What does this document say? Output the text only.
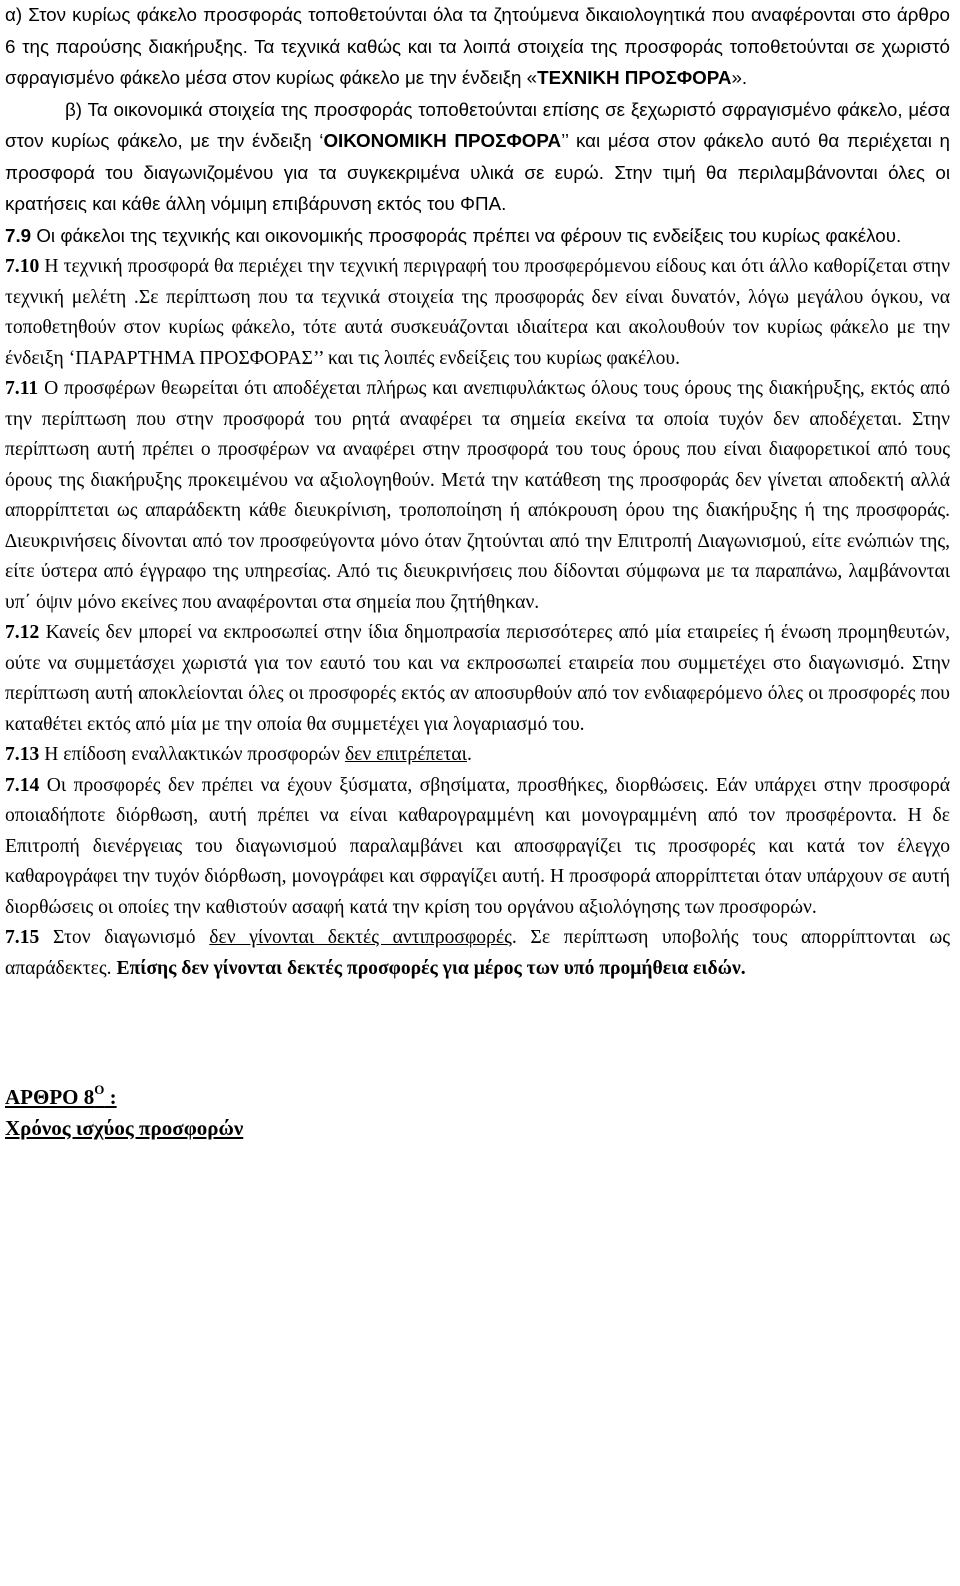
α) Στον κυρίως φάκελο προσφοράς τοποθετούνται όλα τα ζητούμενα δικαιολογητικά που αναφέρονται στο άρθρο 6 της παρούσης διακήρυξης. Τα τεχνικά καθώς και τα λοιπά στοιχεία της προσφοράς τοποθετούνται σε χωριστό σφραγισμένο φάκελο μέσα στον κυρίως φάκελο με την ένδειξη «ΤΕΧΝΙΚΗ ΠΡΟΣΦΟΡΑ».

β) Τα οικονομικά στοιχεία της προσφοράς τοποθετούνται επίσης σε ξεχωριστό σφραγισμένο φάκελο, μέσα στον κυρίως φάκελο, με την ένδειξη ‘ΟΙΚΟΝΟΜΙΚΗ ΠΡΟΣΦΟΡΑ’’ και μέσα στον φάκελο αυτό θα περιέχεται η προσφορά του διαγωνιζομένου για τα συγκεκριμένα υλικά σε ευρώ. Στην τιμή θα περιλαμβάνονται όλες οι κρατήσεις και κάθε άλλη νόμιμη επιβάρυνση εκτός του ΦΠΑ.

7.9 Οι φάκελοι της τεχνικής και οικονομικής προσφοράς πρέπει να φέρουν τις ενδείξεις του κυρίως φακέλου.

7.10 Η τεχνική προσφορά θα περιέχει την τεχνική περιγραφή του προσφερόμενου είδους και ότι άλλο καθορίζεται στην τεχνική μελέτη .Σε περίπτωση που τα τεχνικά στοιχεία της προσφοράς δεν είναι δυνατόν, λόγω μεγάλου όγκου, να τοποθετηθούν στον κυρίως φάκελο, τότε αυτά συσκευάζονται ιδιαίτερα και ακολουθούν τον κυρίως φάκελο με την ένδειξη ‘ΠΑΡΑΡΤΗΜΑ ΠΡΟΣΦΟΡΑΣ’’ και τις λοιπές ενδείξεις του κυρίως φακέλου.

7.11 Ο προσφέρων θεωρείται ότι αποδέχεται πλήρως και ανεπιφυλάκτως όλους τους όρους της διακήρυξης, εκτός από την περίπτωση που στην προσφορά του ρητά αναφέρει τα σημεία εκείνα τα οποία τυχόν δεν αποδέχεται. Στην περίπτωση αυτή πρέπει ο προσφέρων να αναφέρει στην προσφορά του τους όρους που είναι διαφορετικοί από τους όρους της διακήρυξης προκειμένου να αξιολογηθούν. Μετά την κατάθεση της προσφοράς δεν γίνεται αποδεκτή αλλά απορρίπτεται ως απαράδεκτη κάθε διευκρίνιση, τροποποίηση ή απόκρουση όρου της διακήρυξης ή της προσφοράς. ∆ιευκρινήσεις δίνονται από τον προσφεύγοντα μόνο όταν ζητούνται από την Επιτροπή ∆ιαγωνισμού, είτε ενώπιών της, είτε ύστερα από έγγραφο της υπηρεσίας. Από τις διευκρινήσεις που δίδονται σύμφωνα με τα παραπάνω, λαμβάνονται υπ΄ όψιν μόνο εκείνες που αναφέρονται στα σημεία που ζητήθηκαν.

7.12 Κανείς δεν μπορεί να εκπροσωπεί στην ίδια δημοπρασία περισσότερες από μία εταιρείες ή ένωση προμηθευτών, ούτε να συμμετάσχει χωριστά για τον εαυτό του και να εκπροσωπεί εταιρεία που συμμετέχει στο διαγωνισμό. Στην περίπτωση αυτή αποκλείονται όλες οι προσφορές εκτός αν αποσυρθούν από τον ενδιαφερόμενο όλες οι προσφορές που καταθέτει εκτός από μία με την οποία θα συμμετέχει για λογαριασμό του.

7.13 Η επίδοση εναλλακτικών προσφορών δεν επιτρέπεται.

7.14 Οι προσφορές δεν πρέπει να έχουν ξύσματα, σβησίματα, προσθήκες, διορθώσεις. Εάν υπάρχει στην προσφορά οποιαδήποτε διόρθωση, αυτή πρέπει να είναι καθαρογραμμένη και μονογραμμένη από τον προσφέροντα. Η δε Επιτροπή διενέργειας του διαγωνισμού παραλαμβάνει και αποσφραγίζει τις προσφορές και κατά τον έλεγχο καθαρογράφει την τυχόν διόρθωση, μονογράφει και σφραγίζει αυτή. Η προσφορά απορρίπτεται όταν υπάρχουν σε αυτή διορθώσεις οι οποίες την καθιστούν ασαφή κατά την κρίση του οργάνου αξιολόγησης των προσφορών.

7.15 Στον διαγωνισμό δεν γίνονται δεκτές αντιπροσφορές. Σε περίπτωση υποβολής τους απορρίπτονται ως απαράδεκτες. Επίσης δεν γίνονται δεκτές προσφορές για μέρος των υπό προμήθεια ειδών.

ΑΡΘΡΟ $8^O$ :

Χρόνος ισχύος προσφορών
